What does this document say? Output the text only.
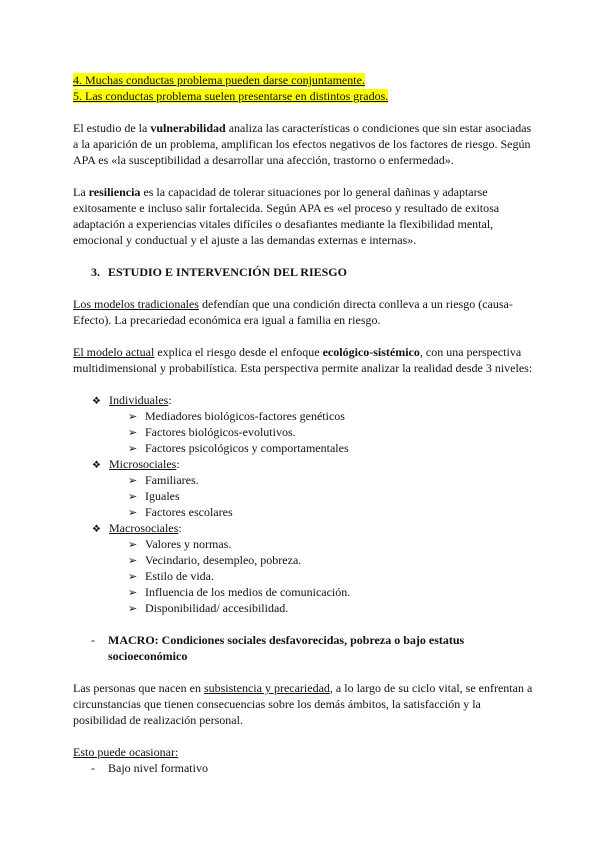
4. Muchas conductas problema pueden darse conjuntamente.
5. Las conductas problema suelen presentarse en distintos grados.
El estudio de la vulnerabilidad analiza las características o condiciones que sin estar asociadas a la aparición de un problema, amplifican los efectos negativos de los factores de riesgo. Según APA es «la susceptibilidad a desarrollar una afección, trastorno o enfermedad».
La resiliencia es la capacidad de tolerar situaciones por lo general dañinas y adaptarse exitosamente e incluso salir fortalecida. Según APA es «el proceso y resultado de exitosa adaptación a experiencias vitales difíciles o desafiantes mediante la flexibilidad mental, emocional y conductual y el ajuste a las demandas externas e internas».
3. ESTUDIO E INTERVENCIÓN DEL RIESGO
Los modelos tradicionales defendían que una condición directa conlleva a un riesgo (causa-Efecto). La precariedad económica era igual a familia en riesgo.
El modelo actual explica el riesgo desde el enfoque ecológico-sistémico, con una perspectiva multidimensional y probabilística. Esta perspectiva permite analizar la realidad desde 3 niveles:
❖ Individuales:
➢ Mediadores biológicos-factores genéticos
➢ Factores biológicos-evolutivos.
➢ Factores psicológicos y comportamentales
❖ Microsociales:
➢ Familiares.
➢ Iguales
➢ Factores escolares
❖ Macrosociales:
➢ Valores y normas.
➢ Vecindario, desempleo, pobreza.
➢ Estilo de vida.
➢ Influencia de los medios de comunicación.
➢ Disponibilidad/ accesibilidad.
-	MACRO: Condiciones sociales desfavorecidas, pobreza o bajo estatus socioeconómico
Las personas que nacen en subsistencia y precariedad, a lo largo de su ciclo vital, se enfrentan a circunstancias que tienen consecuencias sobre los demás ámbitos, la satisfacción y la posibilidad de realización personal.
Esto puede ocasionar:
- Bajo nivel formativo
